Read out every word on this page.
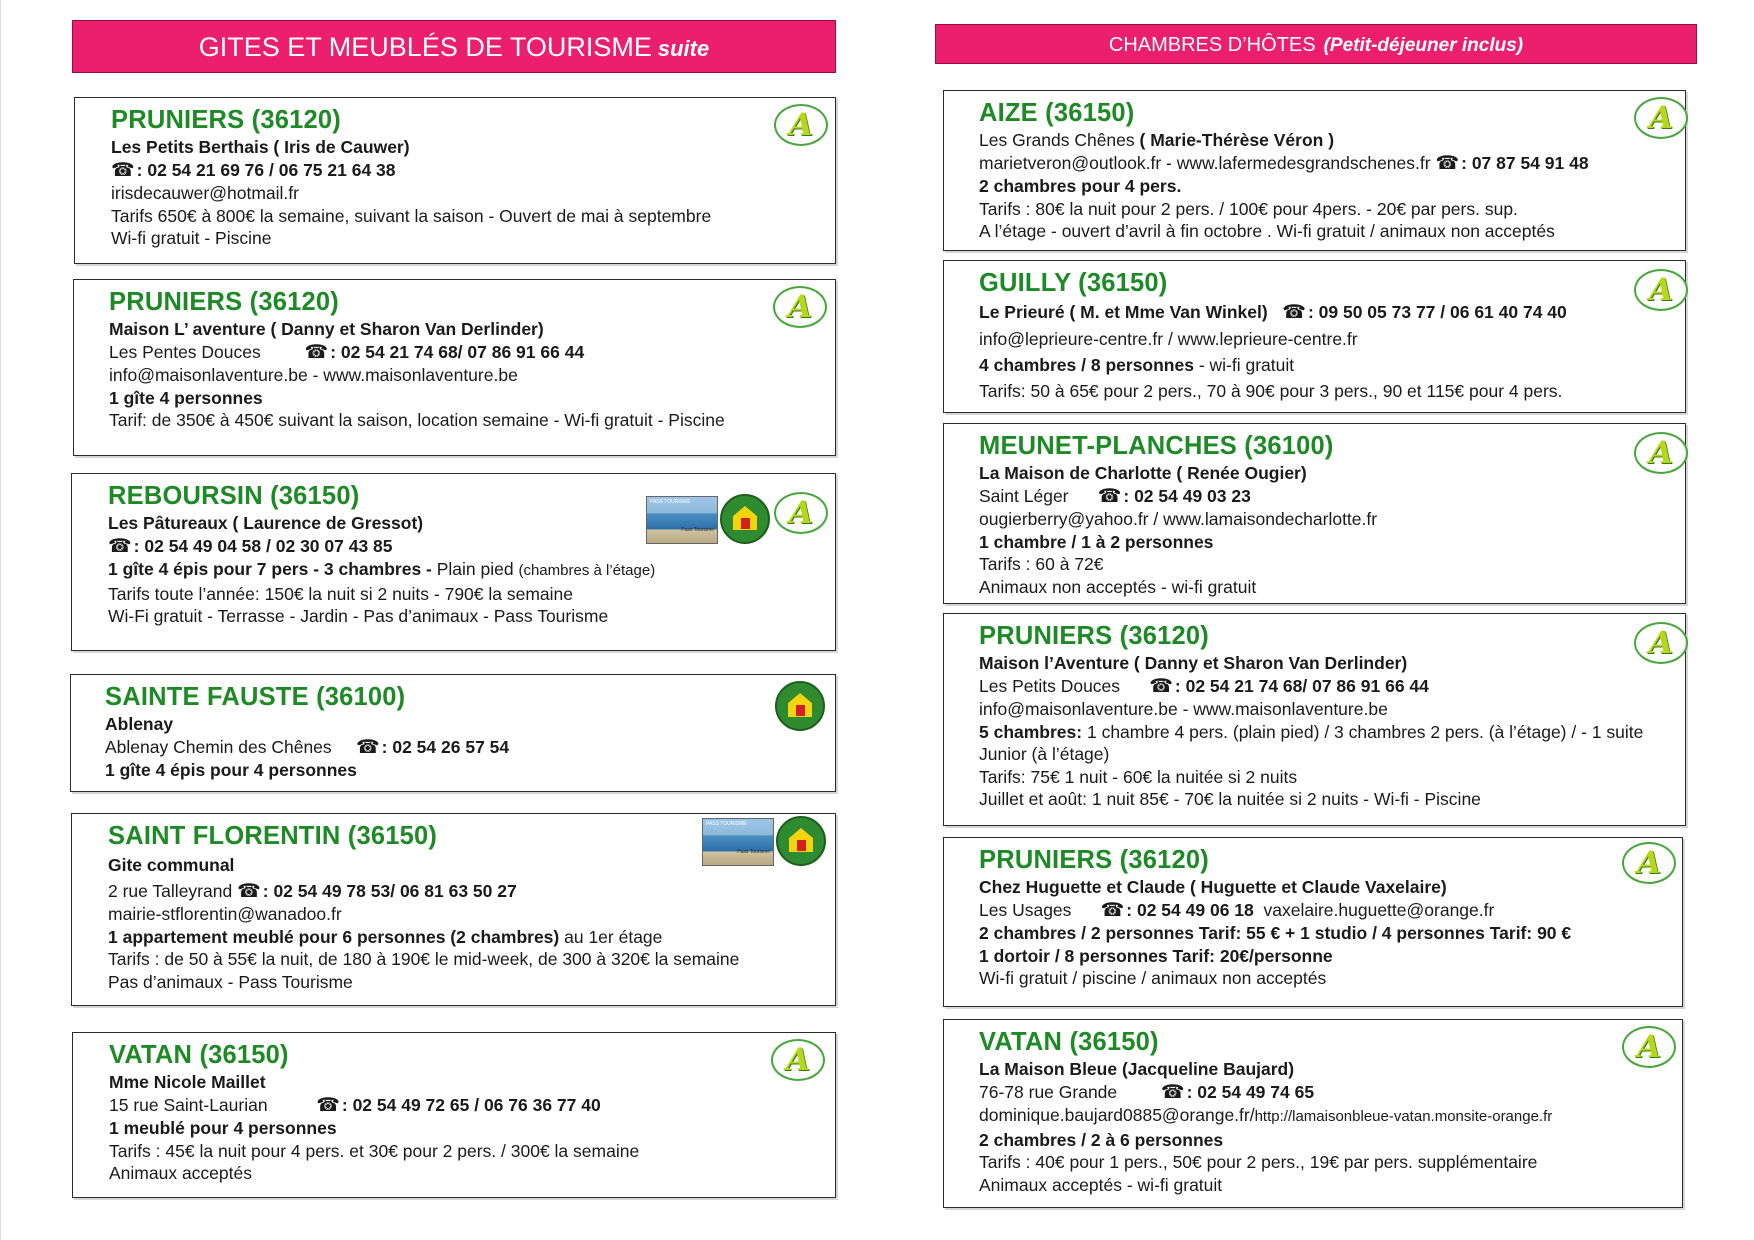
GITES ET MEUBLÉS DE TOURISME suite
PRUNIERS (36120)
Les Petits Berthais ( Iris de Cauwer)
☎ : 02 54 21 69 76 / 06 75 21 64 38
irisdecauwer@hotmail.fr
Tarifs 650€ à 800€ la semaine, suivant la saison - Ouvert de mai à septembre
Wi-fi gratuit - Piscine
A
PRUNIERS (36120)
Maison L’ aventure ( Danny et Sharon Van Derlinder)
Les Pentes Douces ☎ : 02 54 21 74 68/ 07 86 91 66 44
info@maisonlaventure.be - www.maisonlaventure.be
1 gîte 4 personnes
Tarif: de 350€ à 450€ suivant la saison, location semaine - Wi-fi gratuit - Piscine
A
REBOURSIN (36150)
Les Pâtureaux ( Laurence de Gressot)
☎ : 02 54 49 04 58 / 02 30 07 43 85
1 gîte 4 épis pour 7 pers - 3 chambres - Plain pied (chambres à l’étage)
Tarifs toute l’année: 150€ la nuit si 2 nuits - 790€ la semaine
Wi-Fi gratuit - Terrasse - Jardin - Pas d’animaux - Pass Tourisme
PASS TOURISME
Pass Tourisme	A
SAINTE FAUSTE (36100)
Ablenay
Ablenay Chemin des Chênes ☎ : 02 54 26 57 54
1 gîte 4 épis pour 4 personnes
SAINT FLORENTIN (36150)
Gite communal
2 rue Talleyrand ☎ : 02 54 49 78 53/ 06 81 63 50 27
mairie-stflorentin@wanadoo.fr
1 appartement meublé pour 6 personnes (2 chambres) au 1er étage
Tarifs : de 50 à 55€ la nuit, de 180 à 190€ le mid-week, de 300 à 320€ la semaine
Pas d’animaux - Pass Tourisme
PASS TOURISME
Pass Tourisme
VATAN (36150)
Mme Nicole Maillet
15 rue Saint-Laurian	☎ : 02 54 49 72 65 / 06 76 36 77 40
1 meublé pour 4 personnes
Tarifs : 45€ la nuit pour 4 pers. et 30€ pour 2 pers. / 300€ la semaine
Animaux acceptés
A
CHAMBRES D’HÔTES (Petit-déjeuner inclus)
AIZE (36150)
Les Grands Chênes ( Marie-Thérèse Véron )
marietveron@outlook.fr - www.lafermedesgrandschenes.fr ☎ : 07 87 54 91 48
2 chambres pour 4 pers.
Tarifs : 80€ la nuit pour 2 pers. / 100€ pour 4pers. - 20€ par pers. sup.
A l’étage - ouvert d’avril à fin octobre . Wi-fi gratuit / animaux non acceptés
A
GUILLY (36150)
Le Prieuré ( M. et Mme Van Winkel) ☎ : 09 50 05 73 77 / 06 61 40 74 40
info@leprieure-centre.fr / www.leprieure-centre.fr
4 chambres / 8 personnes - wi-fi gratuit
Tarifs: 50 à 65€ pour 2 pers., 70 à 90€ pour 3 pers., 90 et 115€ pour 4 pers.
A
MEUNET-PLANCHES (36100)
La Maison de Charlotte ( Renée Ougier)
Saint Léger ☎ : 02 54 49 03 23
ougierberry@yahoo.fr / www.lamaisondecharlotte.fr
1 chambre / 1 à 2 personnes
Tarifs : 60 à 72€
Animaux non acceptés - wi-fi gratuit
A
PRUNIERS (36120)
Maison l’Aventure ( Danny et Sharon Van Derlinder)
Les Petits Douces ☎ : 02 54 21 74 68/ 07 86 91 66 44
info@maisonlaventure.be - www.maisonlaventure.be
5 chambres: 1 chambre 4 pers. (plain pied) / 3 chambres 2 pers. (à l’étage) / - 1 suite Junior (à l’étage)
Tarifs: 75€ 1 nuit - 60€ la nuitée si 2 nuits
Juillet et août: 1 nuit 85€ - 70€ la nuitée si 2 nuits - Wi-fi - Piscine
A
PRUNIERS (36120)
Chez Huguette et Claude ( Huguette et Claude Vaxelaire)
Les Usages ☎ : 02 54 49 06 18 vaxelaire.huguette@orange.fr
2 chambres / 2 personnes Tarif: 55 € + 1 studio / 4 personnes Tarif: 90 €
1 dortoir / 8 personnes Tarif: 20€/personne
Wi-fi gratuit / piscine / animaux non acceptés
A
VATAN (36150)
La Maison Bleue (Jacqueline Baujard)
76-78 rue Grande ☎ : 02 54 49 74 65
dominique.baujard0885@orange.fr/http://lamaisonbleue-vatan.monsite-orange.fr
2 chambres / 2 à 6 personnes
Tarifs : 40€ pour 1 pers., 50€ pour 2 pers., 19€ par pers. supplémentaire
Animaux acceptés - wi-fi gratuit
A
